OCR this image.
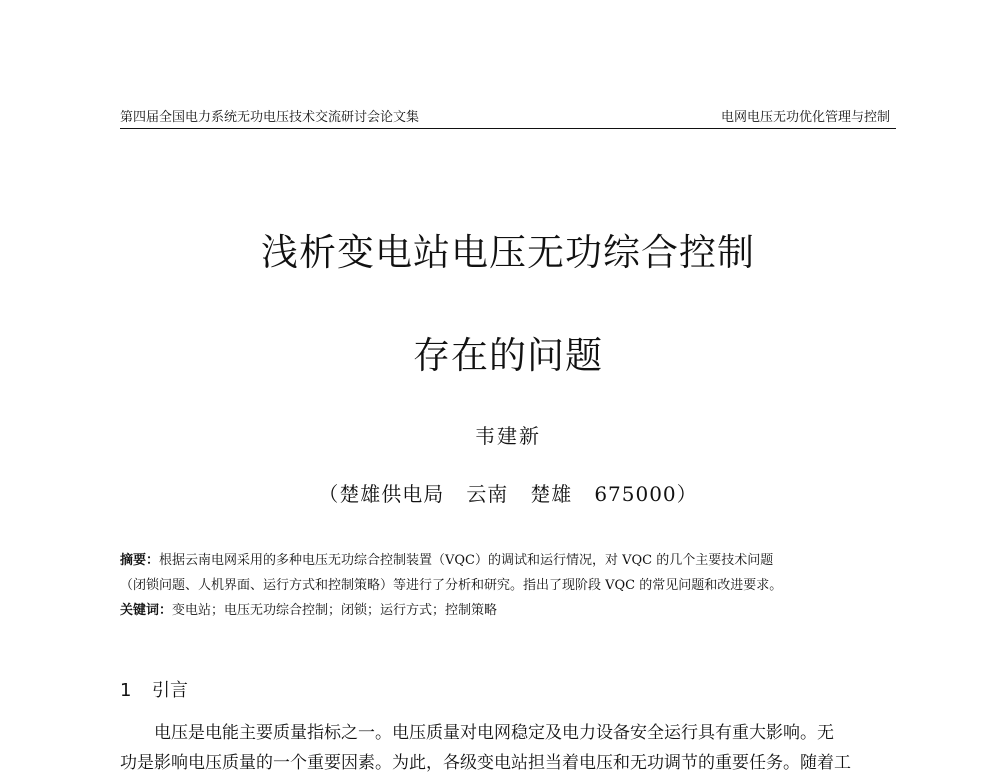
第四届全国电力系统无功电压技术交流研讨会论文集	电网电压无功优化管理与控制
浅析变电站电压无功综合控制
存在的问题
韦建新
（楚雄供电局 云南 楚雄 675000）
摘要：根据云南电网采用的多种电压无功综合控制装置（VQC）的调试和运行情况，对 VQC 的几个主要技术问题
（闭锁问题、人机界面、运行方式和控制策略）等进行了分析和研究。指出了现阶段 VQC 的常见问题和改进要求。
关键词：变电站；电压无功综合控制；闭锁；运行方式；控制策略
1 引言
电压是电能主要质量指标之一。电压质量对电网稳定及电力设备安全运行具有重大影响。无
功是影响电压质量的一个重要因素。为此，各级变电站担当着电压和无功调节的重要任务。随着工
